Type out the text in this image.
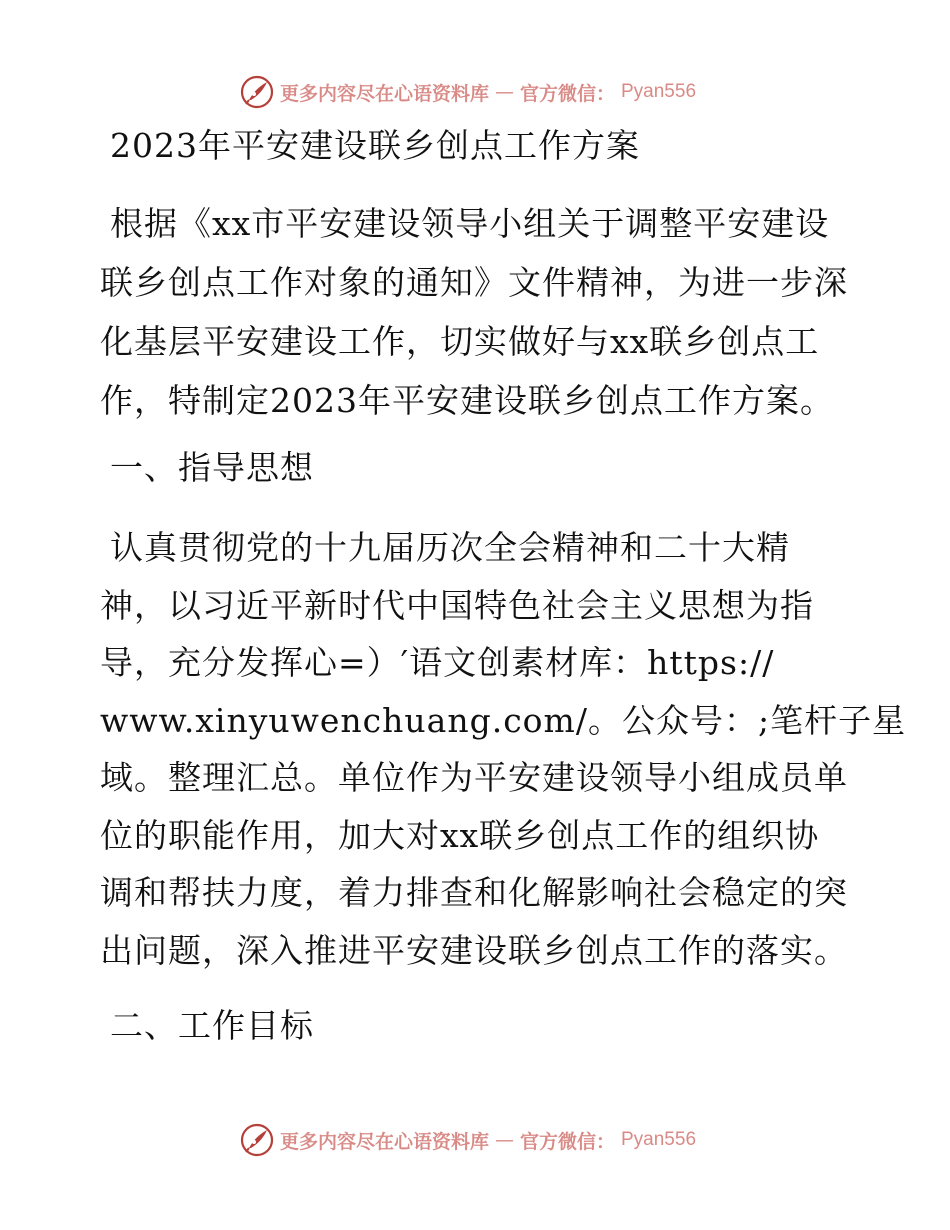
更多内容尽在心语资料库 — 官方微信： Pyan556
2023年平安建设联乡创点工作方案
根据《xx市平安建设领导小组关于调整平安建设
联乡创点工作对象的通知》文件精神，为进一步深
化基层平安建设工作，切实做好与xx联乡创点工
作，特制定2023年平安建设联乡创点工作方案。
一、指导思想
认真贯彻党的十九届历次全会精神和二十大精
神，以习近平新时代中国特色社会主义思想为指
导，充分发挥心=）′语文创素材库：https://
www.xinyuwenchuang.com/。公众号：;笔杆子星
域。整理汇总。单位作为平安建设领导小组成员单
位的职能作用，加大对xx联乡创点工作的组织协
调和帮扶力度，着力排查和化解影响社会稳定的突
出问题，深入推进平安建设联乡创点工作的落实。
二、工作目标
更多内容尽在心语资料库 — 官方微信： Pyan556
